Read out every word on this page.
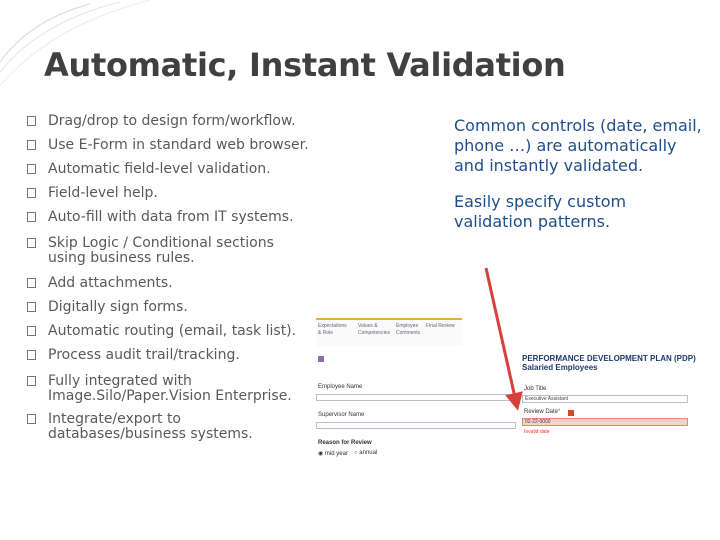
Automatic, Instant Validation
Drag/drop to design form/workflow.
Use E-Form in standard web browser.
Automatic field-level validation.
Field-level help.
Auto-fill with data from IT systems.
Skip Logic / Conditional sections
using business rules.
Add attachments.
Digitally sign forms.
Automatic routing (email, task list).
Process audit trail/tracking.
Fully integrated with
Image.Silo/Paper.Vision Enterprise.
Integrate/export to
databases/business systems.

Common controls (date, email, phone …) are automatically and instantly validated.

Easily specify custom validation patterns.

Expectations
& Role
Values &
Competencies
Employee
Comments
Final Review
Employee Name
Supervisor Name
Reason for Review
◉ mid year ○ annual
PERFORMANCE DEVELOPMENT PLAN (PDP)
Salaried Employees
Job Title
Executive Assistant
Review Date*
02-22-0000
Invalid date
